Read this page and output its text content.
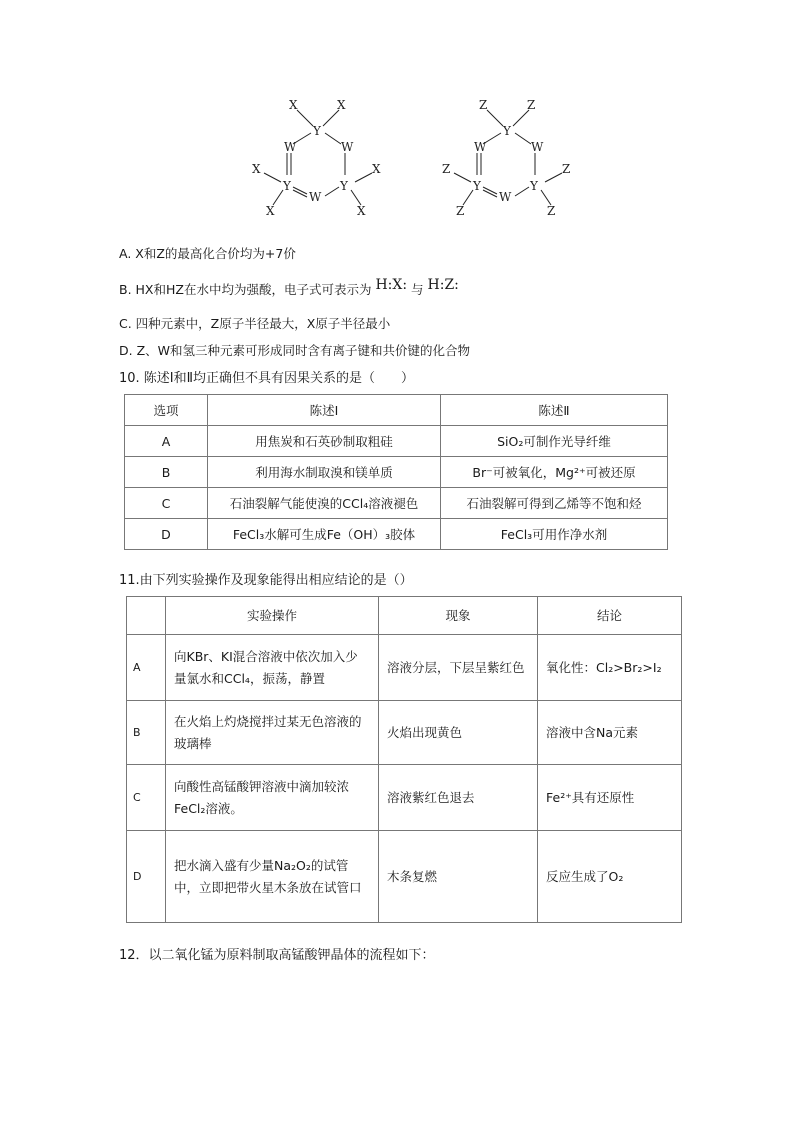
X	X
Y
W	W
X
Y
W
Y
X
X	X
Z	Z
Y
W	W
Z
Y
W
Y
Z
Z	Z
A. X和Z的最高化合价均为+7价
B. HX和HZ在水中均为强酸，电子式可表示为 H:X: 与 H:Z:
C. 四种元素中，Z原子半径最大，X原子半径最小
D. Z、W和氢三种元素可形成同时含有离子键和共价键的化合物
10. 陈述Ⅰ和Ⅱ均正确但不具有因果关系的是（　　）
选项	陈述Ⅰ	陈述Ⅱ
A	用焦炭和石英砂制取粗硅	SiO₂可制作光导纤维
B	利用海水制取溴和镁单质	Br⁻可被氧化，Mg²⁺可被还原
C	石油裂解气能使溴的CCl₄溶液褪色	石油裂解可得到乙烯等不饱和烃
D	FeCl₃水解可生成Fe（OH）₃胶体	FeCl₃可用作净水剂
11.由下列实验操作及现象能得出相应结论的是（）
	实验操作	现象	结论
A	向KBr、KI混合溶液中依次加入少量氯水和CCl₄，振荡，静置	溶液分层，下层呈紫红色	氧化性：Cl₂>Br₂>I₂
B	在火焰上灼烧搅拌过某无色溶液的玻璃棒	火焰出现黄色	溶液中含Na元素
C	向酸性高锰酸钾溶液中滴加较浓FeCl₂溶液。	溶液紫红色退去	Fe²⁺具有还原性
D	把水滴入盛有少量Na₂O₂的试管中，立即把带火星木条放在试管口	木条复燃	反应生成了O₂
12．以二氧化锰为原料制取高锰酸钾晶体的流程如下：
